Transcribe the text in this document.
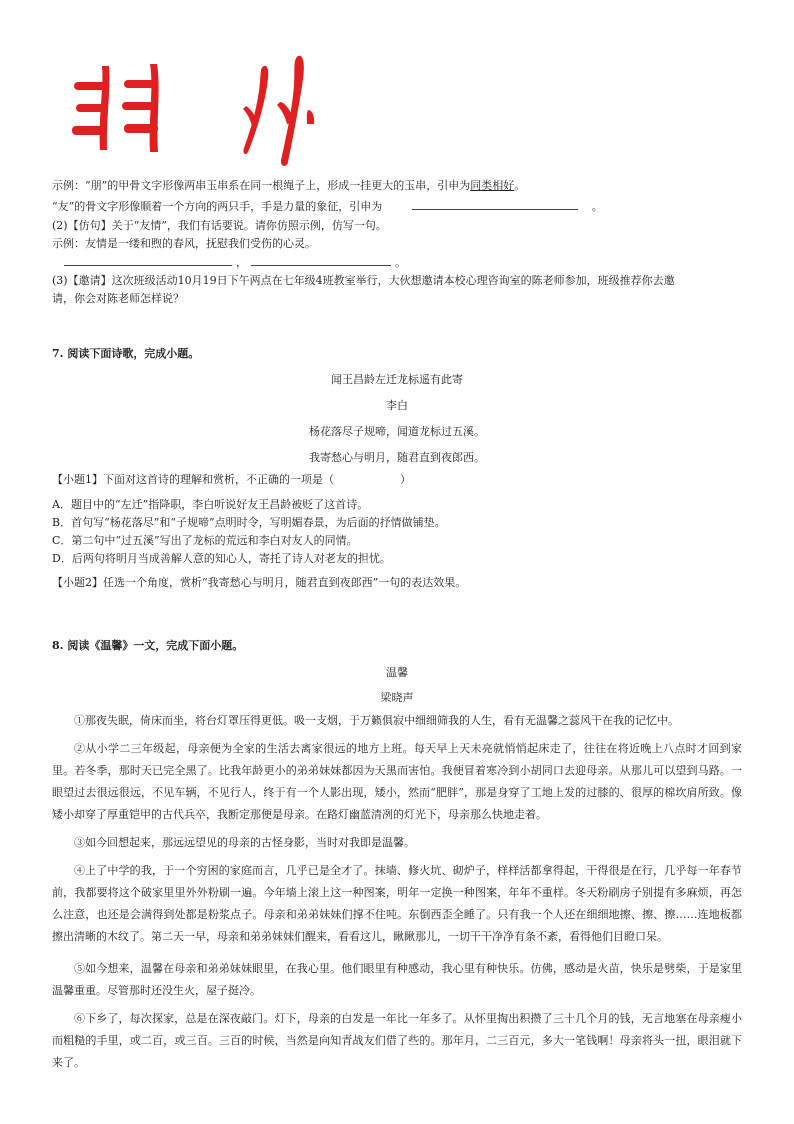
示例：“朋”的甲骨文字形像两串玉串系在同一根绳子上，形成一挂更大的玉串，引申为同类相好。
“友”的骨文字形像顺着一个方向的两只手，手是力量的象征，引申为	。
(2)【仿句】关于“友情”，我们有话要说。请你仿照示例，仿写一句。
示例：友情是一缕和煦的春风，抚慰我们受伤的心灵。
，	。
(3)【邀请】这次班级活动10月19日下午两点在七年级4班教室举行，大伙想邀请本校心理咨询室的陈老师参加，班级推荐你去邀
请，你会对陈老师怎样说？
7. 阅读下面诗歌，完成小题。
闻王昌龄左迁龙标遥有此寄
李白
杨花落尽子规啼，闻道龙标过五溪。
我寄愁心与明月，随君直到夜郎西。
【小题1】下面对这首诗的理解和赏析，不正确的一项是（　　　　　　）
A．题目中的“左迁”指降职，李白听说好友王昌龄被贬了这首诗。
B．首句写“杨花落尽”和“子规啼”点明时令，写明媚春景，为后面的抒情做铺垫。
C．第二句中“过五溪”写出了龙标的荒远和李白对友人的同情。
D．后两句将明月当成善解人意的知心人，寄托了诗人对老友的担忧。
【小题2】任选一个角度，赏析“我寄愁心与明月，随君直到夜郎西”一句的表达效果。
8. 阅读《温馨》一文，完成下面小题。
温馨
梁晓声
①那夜失眠，倚床而坐，将台灯罩压得更低。吸一支烟，于万籁俱寂中细细筛我的人生，看有无温馨之蕊风干在我的记忆中。
②从小学二三年级起，母亲便为全家的生活去离家很远的地方上班。每天早上天未亮就悄悄起床走了，往往在将近晚上八点时才回到家里。若冬季，那时天已完全黑了。比我年龄更小的弟弟妹妹都因为天黑而害怕。我便冒着寒冷到小胡同口去迎母亲。从那儿可以望到马路。一眼望过去很远很远，不见车辆，不见行人，终于有一个人影出现，矮小，然而“肥胖”，那是身穿了工地上发的过膝的、很厚的棉坎肩所致。像矮小却穿了厚重铠甲的古代兵卒，我断定那便是母亲。在路灯幽蓝清冽的灯光下，母亲那么快地走着。
③如今回想起来，那远远望见的母亲的古怪身影，当时对我即是温馨。
④上了中学的我，于一个穷困的家庭而言，几乎已是全才了。抹墙、修火坑、砌炉子，样样活都拿得起，干得很是在行，几乎每一年春节前，我都要将这个破家里里外外粉刷一遍。今年墙上滚上这一种图案，明年一定换一种图案，年年不重样。冬天粉刷房子别提有多麻烦，再怎么注意，也还是会满得到处都是粉浆点子。母亲和弟弟妹妹们撑不住吨。东倒西歪全睡了。只有我一个人还在细细地擦、擦、擦……连地板都擦出清晰的木纹了。第二天一早，母亲和弟弟妹妹们醒来，看看这儿，瞅瞅那儿，一切干干净净有条不紊，看得他们目瞪口呆。
⑤如今想来，温馨在母亲和弟弟妹妹眼里，在我心里。他们眼里有种感动，我心里有种快乐。仿佛，感动是火苗，快乐是劈柴，于是家里温馨重重。尽管那时还没生火，屋子挺冷。
⑥下乡了，每次探家，总是在深夜敲门。灯下，母亲的白发是一年比一年多了。从怀里掏出积攒了三十几个月的钱，无言地塞在母亲瘦小而粗糙的手里，或二百，或三百。三百的时候，当然是向知青战友们借了些的。那年月，二三百元，多大一笔钱啊！母亲将头一扭，眼泪就下来了。
